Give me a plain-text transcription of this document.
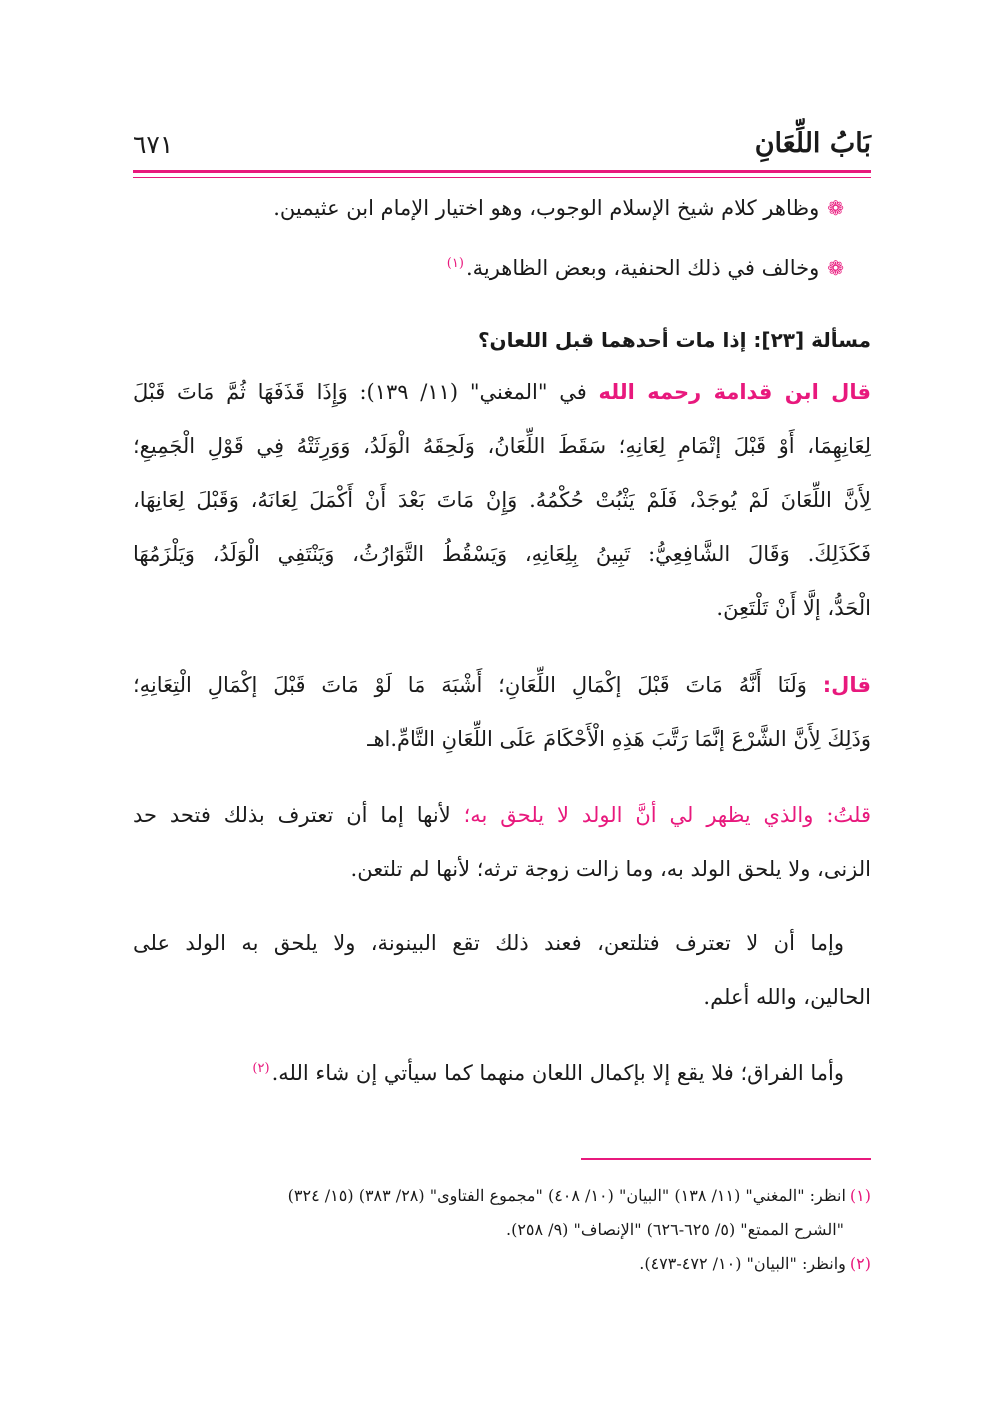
بَابُ اللِّعَانِ
٦٧١
❁وظاهر كلام شيخ الإسلام الوجوب، وهو اختيار الإمام ابن عثيمين.
❁وخالف في ذلك الحنفية، وبعض الظاهرية.$^{(١)}$
مسألة [٢٣]: إذا مات أحدهما قبل اللعان؟
قال ابن قدامة رحمه الله في "المغني" (١١/ ١٣٩): وَإِذَا قَذَفَهَا ثُمَّ مَاتَ قَبْلَ
لِعَانِهِمَا، أَوْ قَبْلَ إتْمَامِ لِعَانِهِ؛ سَقَطَ اللِّعَانُ، وَلَحِقَهُ الْوَلَدُ، وَوَرِثَتْهُ فِي قَوْلِ الْجَمِيعِ؛
لِأَنَّ اللِّعَانَ لَمْ يُوجَدْ، فَلَمْ يَثْبُتْ حُكْمُهُ. وَإِنْ مَاتَ بَعْدَ أَنْ أَكْمَلَ لِعَانَهُ، وَقَبْلَ لِعَانِهَا،
فَكَذَلِكَ. وَقَالَ الشَّافِعِيُّ: تَبِينُ بِلِعَانِهِ، وَيَسْقُطُ التَّوَارُثُ، وَيَنْتَفِي الْوَلَدُ، وَيَلْزَمُهَا
الْحَدُّ، إلَّا أَنْ تَلْتَعِنَ.
قال: وَلَنَا أَنَّهُ مَاتَ قَبْلَ إكْمَالِ اللِّعَانِ؛ أَشْبَهَ مَا لَوْ مَاتَ قَبْلَ إكْمَالِ الْتِعَانِهِ؛
وَذَلِكَ لِأَنَّ الشَّرْعَ إنَّمَا رَتَّبَ هَذِهِ الْأَحْكَامَ عَلَى اللِّعَانِ التَّامِّ.اهـ
قلتُ: والذي يظهر لي أنَّ الولد لا يلحق به؛ لأنها إما أن تعترف بذلك فتحد حد
الزنى، ولا يلحق الولد به، وما زالت زوجة ترثه؛ لأنها لم تلتعن.
وإما أن لا تعترف فتلتعن، فعند ذلك تقع البينونة، ولا يلحق به الولد على
الحالين، والله أعلم.
وأما الفراق؛ فلا يقع إلا بإكمال اللعان منهما كما سيأتي إن شاء الله.$^{(٢)}$
(١)انظر: "المغني" (١١/ ١٣٨) "البيان" (١٠/ ٤٠٨) "مجموع الفتاوى" (٢٨/ ٣٨٣) (١٥/ ٣٢٤)
"الشرح الممتع" (٥/ ٦٢٥-٦٢٦) "الإنصاف" (٩/ ٢٥٨).
(٢)وانظر: "البيان" (١٠/ ٤٧٢-٤٧٣).
